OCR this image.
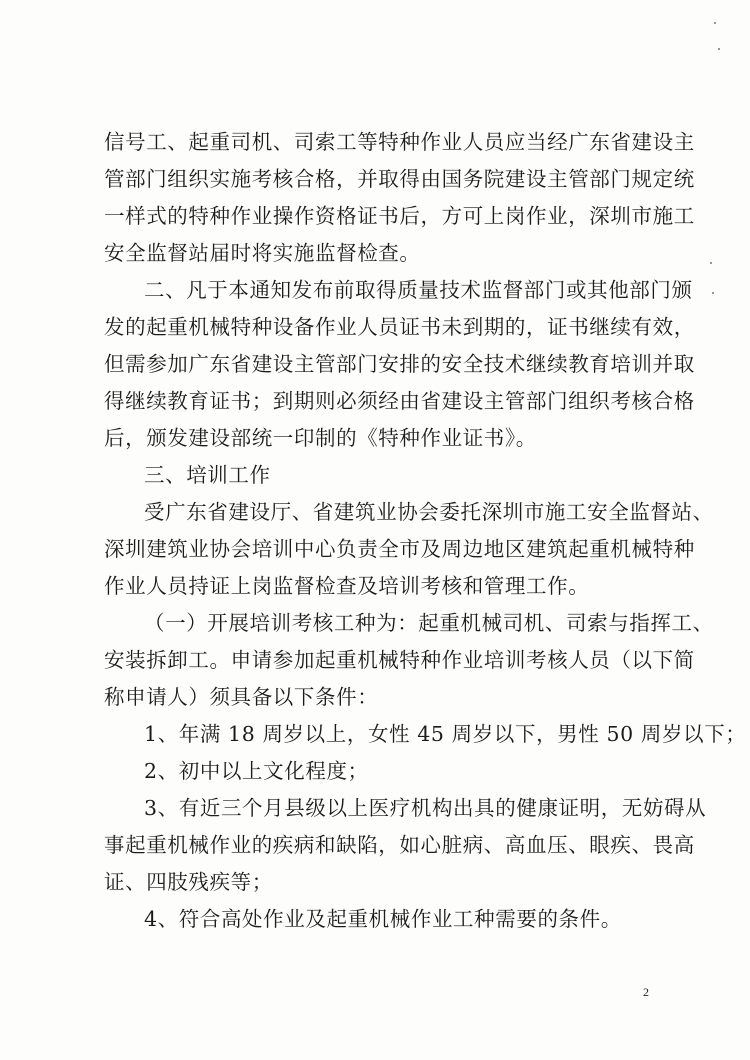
信号工、起重司机、司索工等特种作业人员应当经广东省建设主
管部门组织实施考核合格，并取得由国务院建设主管部门规定统
一样式的特种作业操作资格证书后，方可上岗作业，深圳市施工
安全监督站届时将实施监督检查。
二、凡于本通知发布前取得质量技术监督部门或其他部门颁
发的起重机械特种设备作业人员证书未到期的，证书继续有效，
但需参加广东省建设主管部门安排的安全技术继续教育培训并取
得继续教育证书；到期则必须经由省建设主管部门组织考核合格
后，颁发建设部统一印制的《特种作业证书》。
三、培训工作
受广东省建设厅、省建筑业协会委托深圳市施工安全监督站、
深圳建筑业协会培训中心负责全市及周边地区建筑起重机械特种
作业人员持证上岗监督检查及培训考核和管理工作。
（一）开展培训考核工种为：起重机械司机、司索与指挥工、
安装拆卸工。申请参加起重机械特种作业培训考核人员（以下简
称申请人）须具备以下条件：
1、年满 18 周岁以上，女性 45 周岁以下，男性 50 周岁以下；
2、初中以上文化程度；
3、有近三个月县级以上医疗机构出具的健康证明，无妨碍从
事起重机械作业的疾病和缺陷，如心脏病、高血压、眼疾、畏高
证、四肢残疾等；
4、符合高处作业及起重机械作业工种需要的条件。
2
